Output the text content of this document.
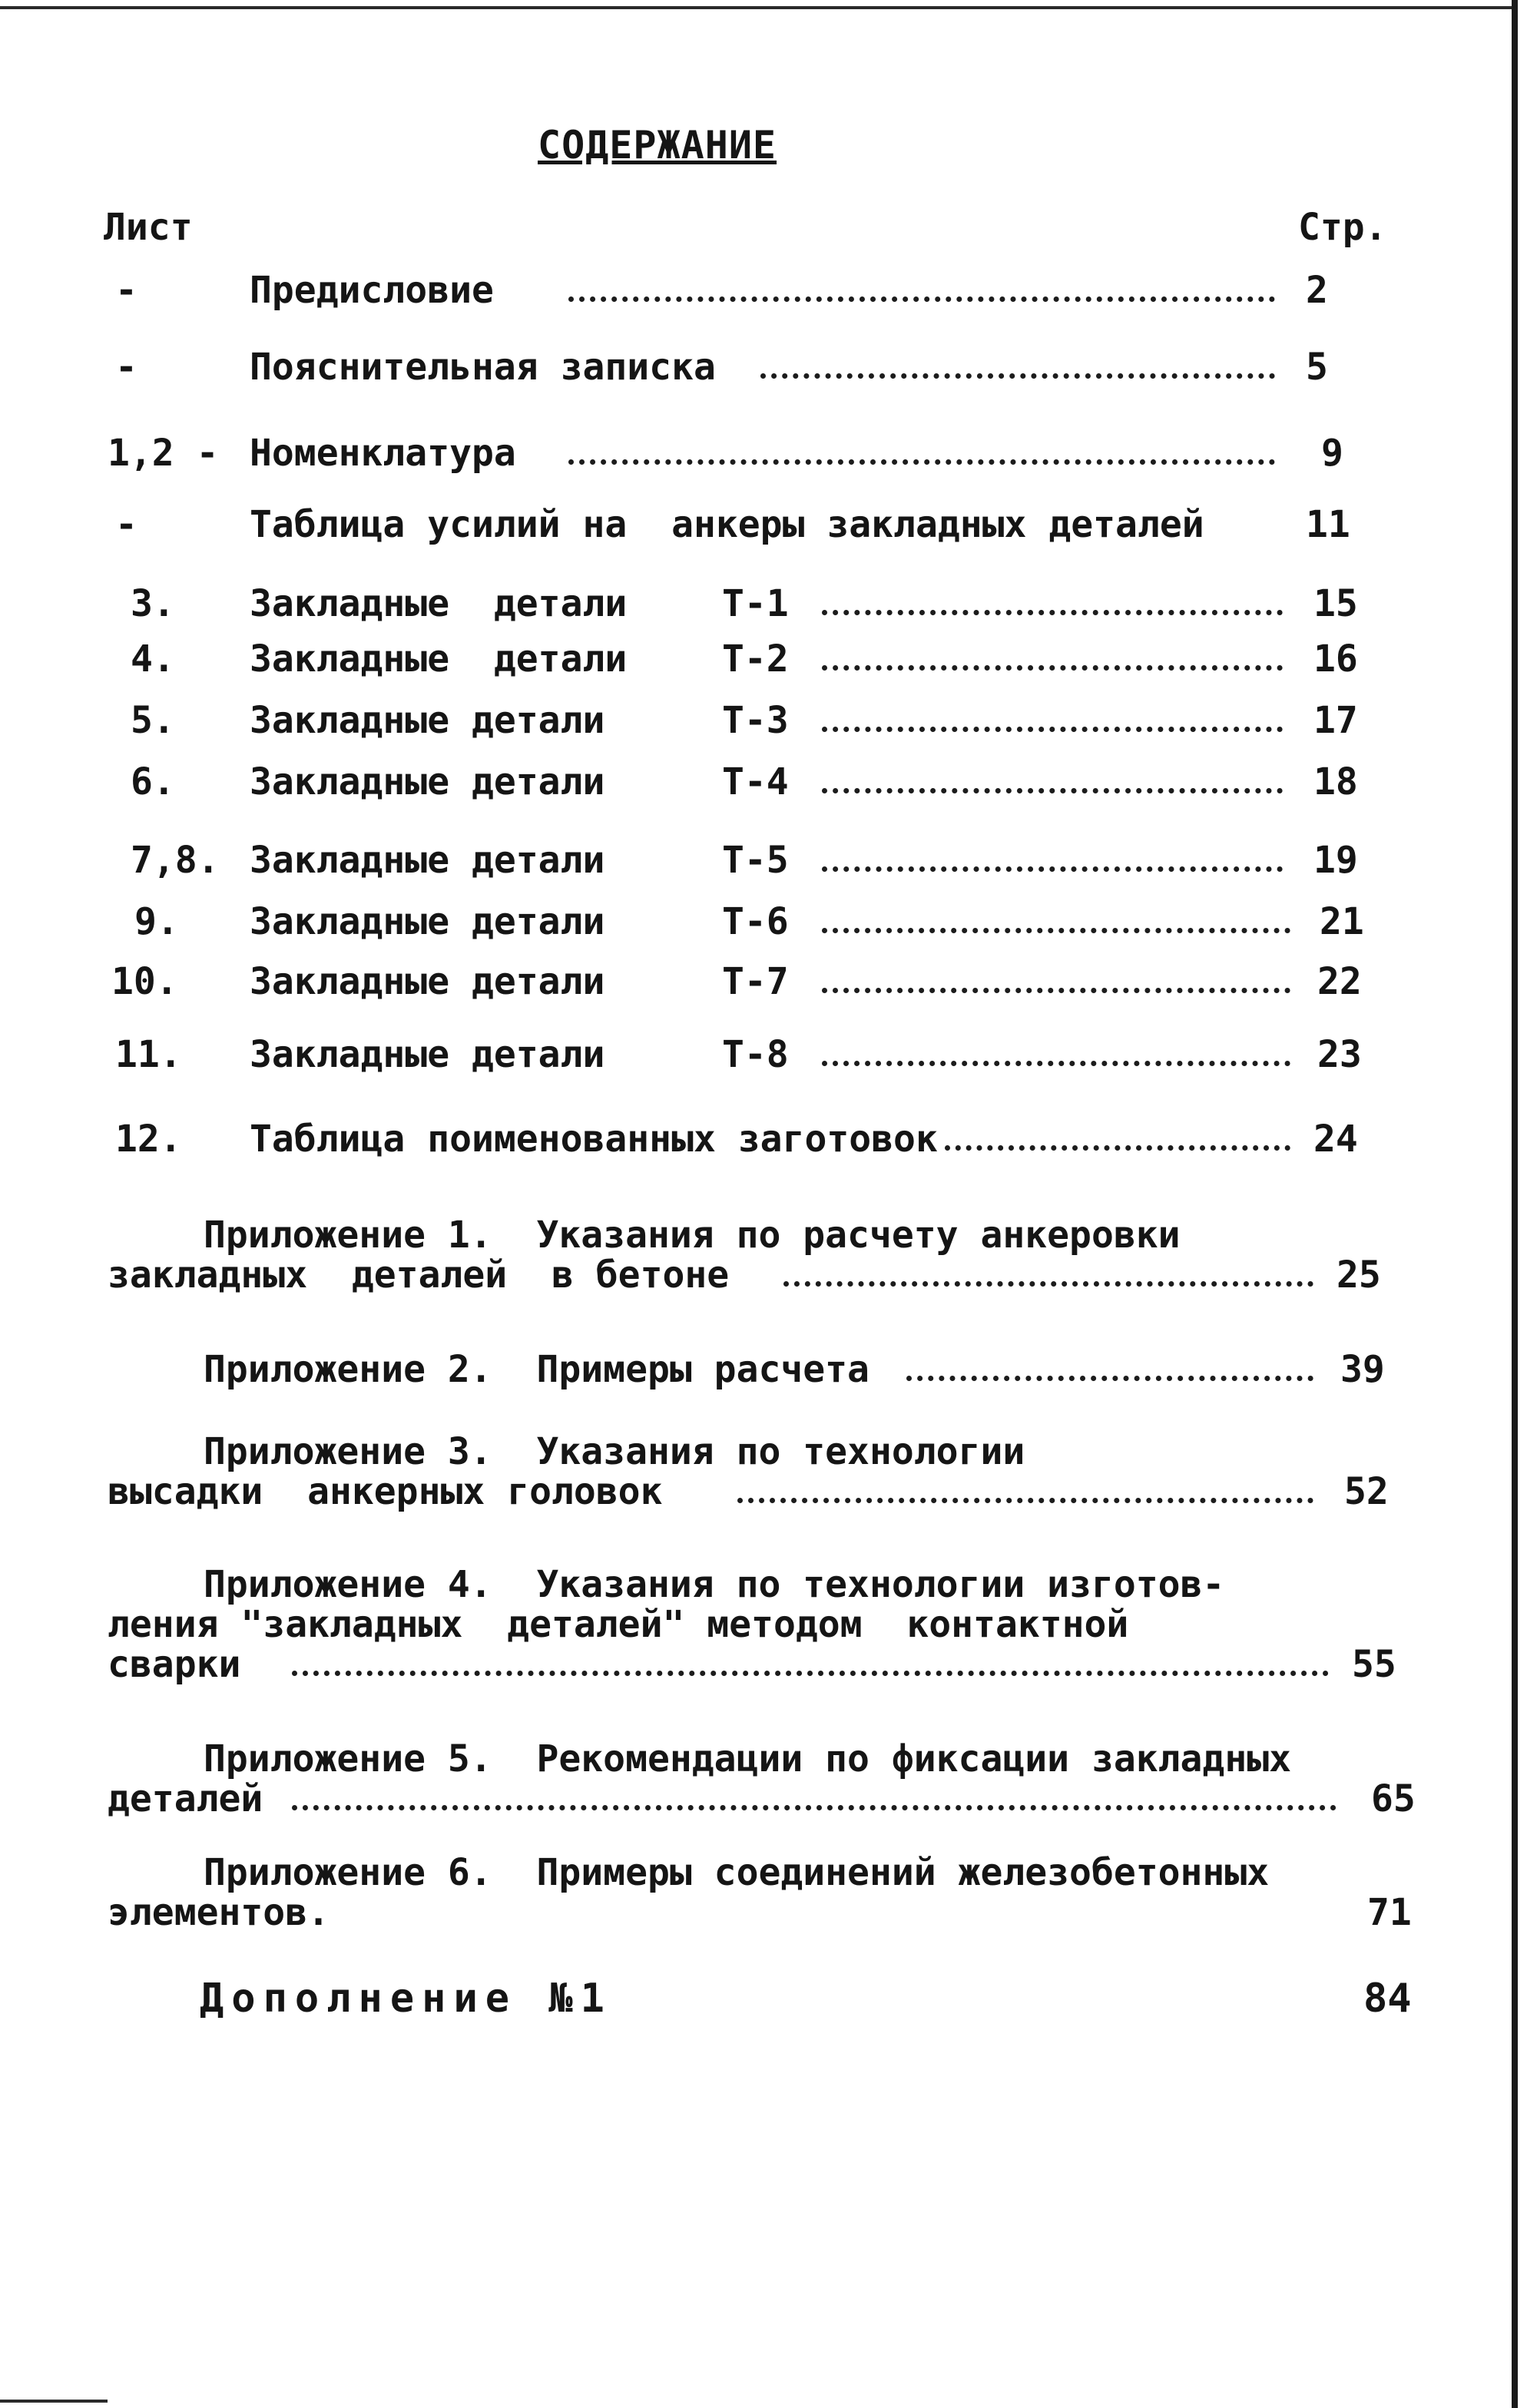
СОДЕРЖАНИЕ
Лист	Стр.
-	Предисловие	2
-	Пояснительная записка	5
1,2 - Номенклатура	9
-	Таблица усилий на  анкеры закладных деталей	11
3.	Закладные  детали	Т-1	15
4.	Закладные  детали	Т-2	16
5.	Закладные детали	Т-3	17
6.	Закладные детали	Т-4	18
7,8. Закладные детали	Т-5	19
9.	Закладные детали	Т-6	21
10.	Закладные детали	Т-7	22
11.	Закладные детали	Т-8	23
12.	Таблица поименованных заготовок	24
Приложение 1.  Указания по расчету анкеровки
закладных  деталей  в бетоне	25
Приложение 2.  Примеры расчета	39
Приложение 3.  Указания по технологии
высадки  анкерных головок	52
Приложение 4.  Указания по технологии изготов-
ления "закладных  деталей" методом  контактной
сварки	55
Приложение 5.  Рекомендации по фиксации закладных
деталей	65
Приложение 6.  Примеры соединений железобетонных
элементов.	71
Дополнение №1	84
